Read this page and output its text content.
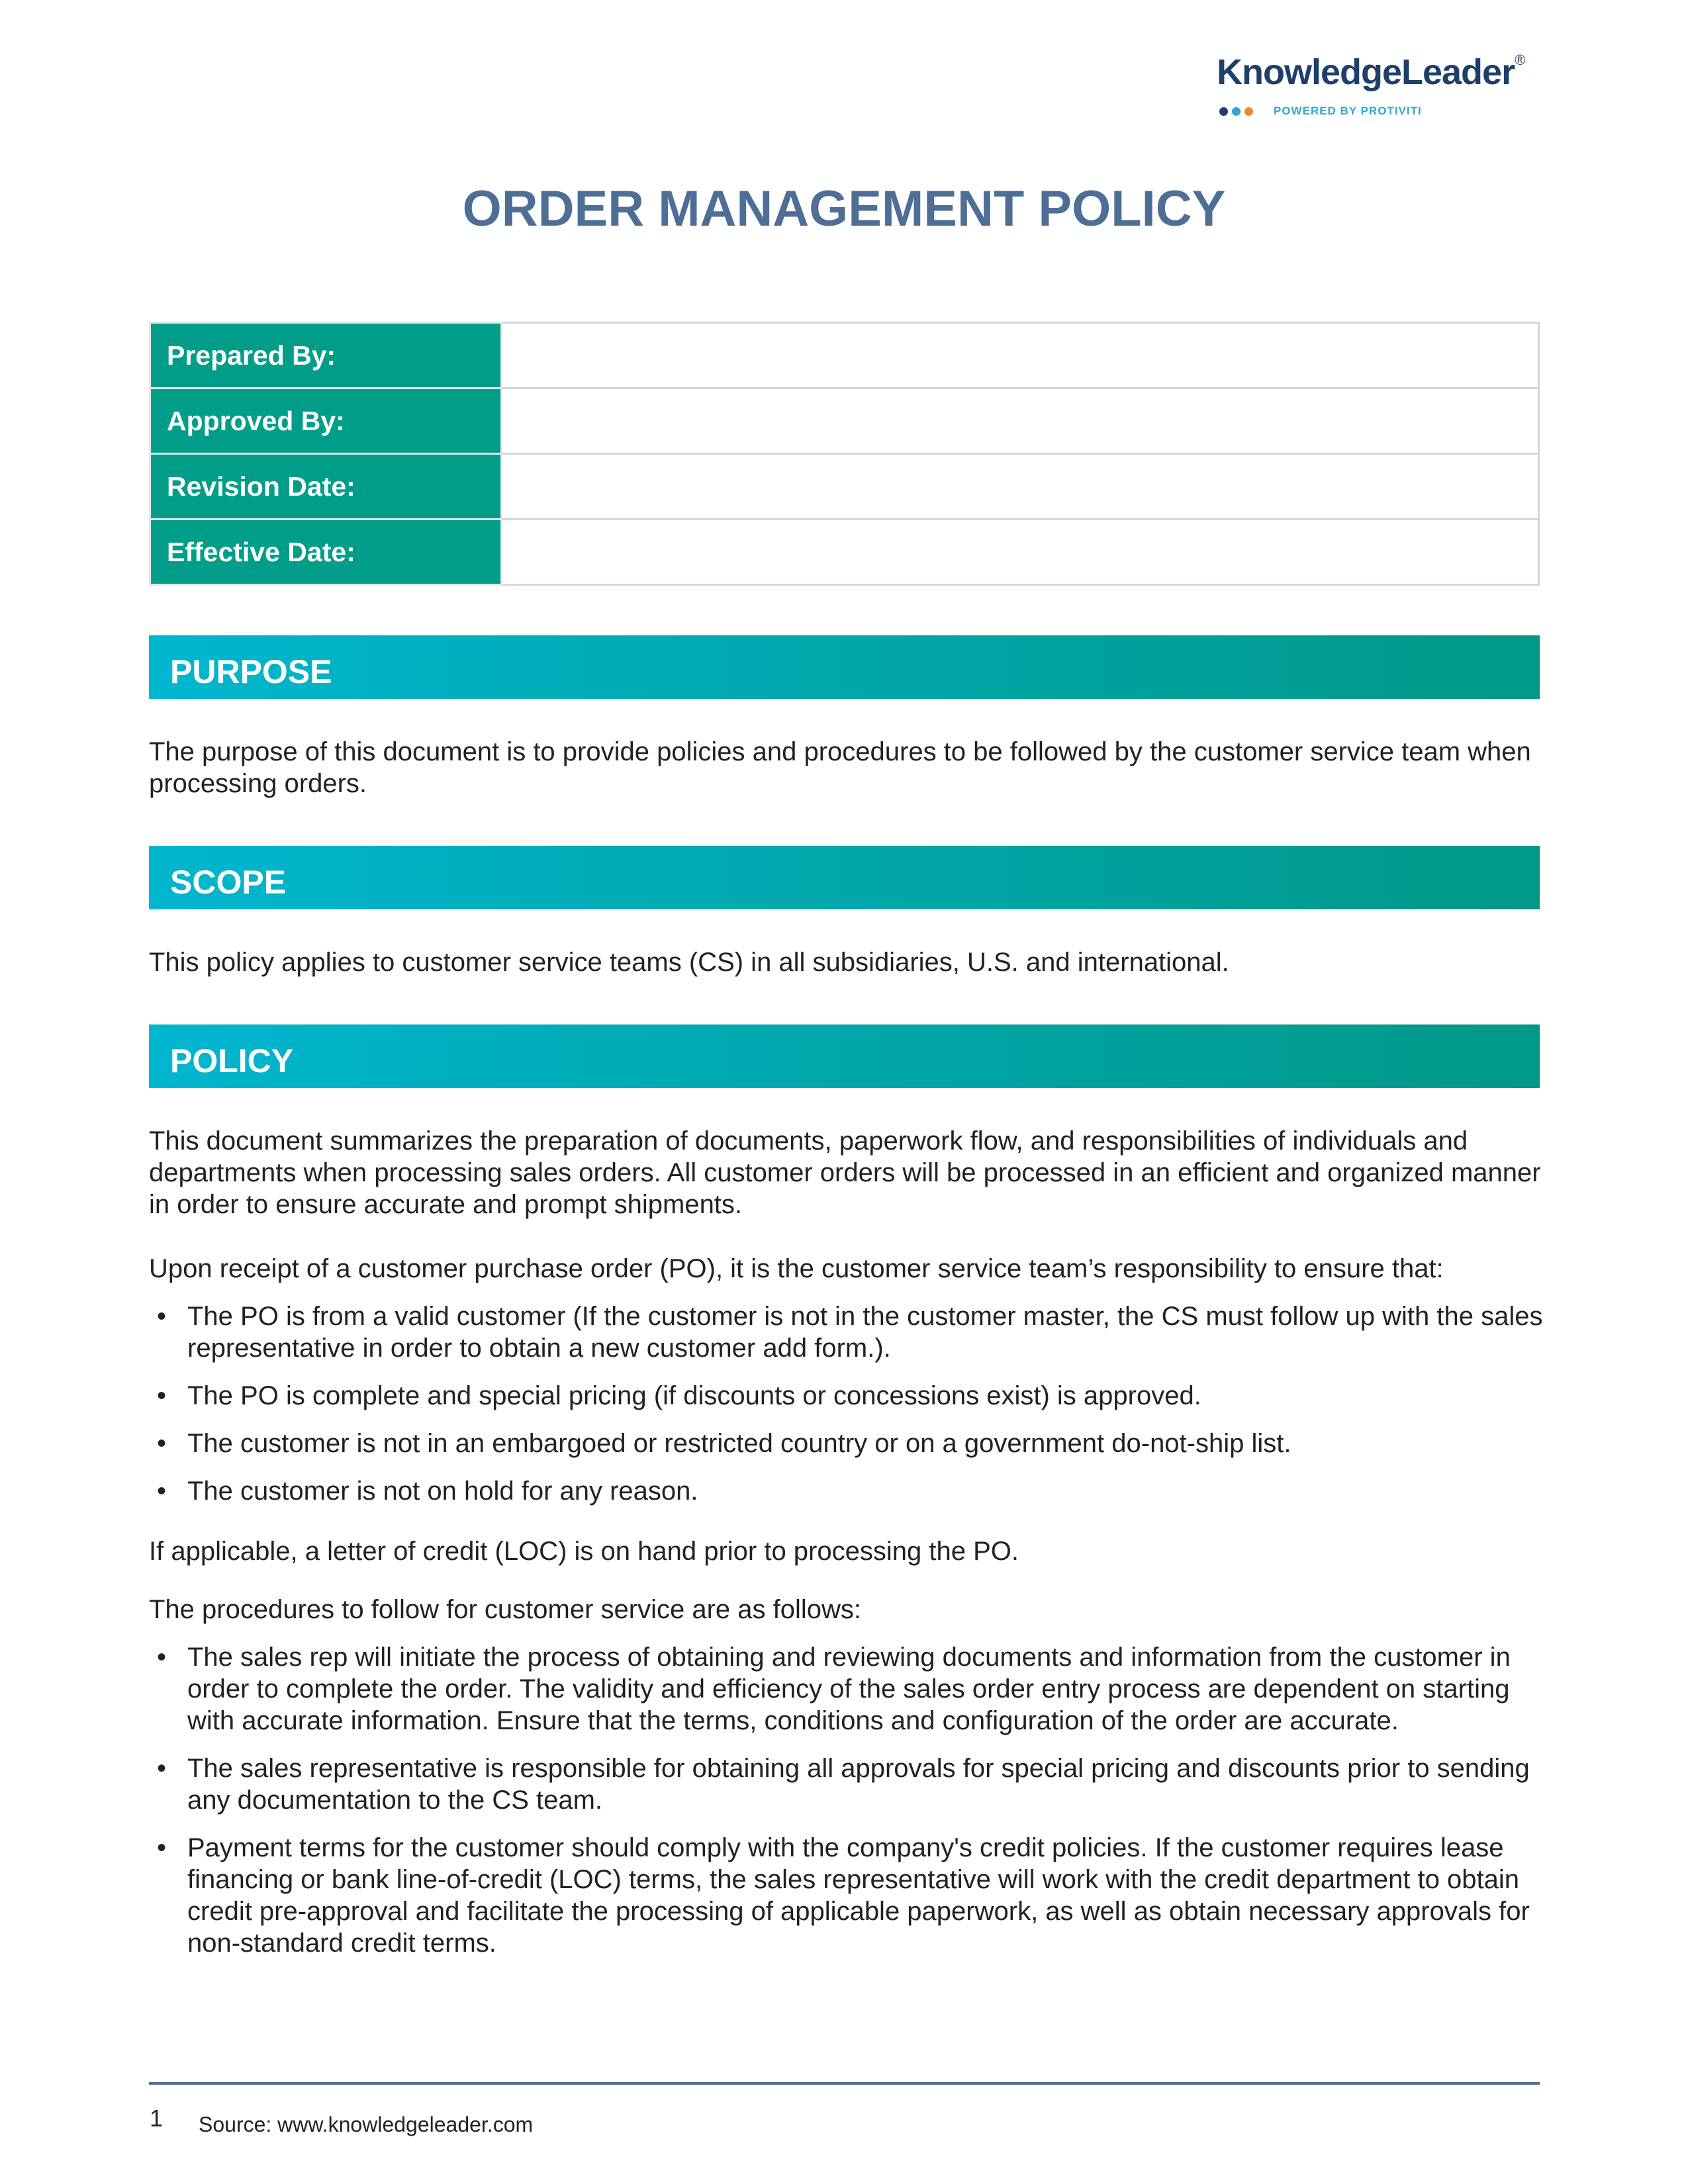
KnowledgeLeader®
POWERED BY PROTIVITI
ORDER MANAGEMENT POLICY
Prepared By:	
Approved By:	
Revision Date:	
Effective Date:	
PURPOSE

The purpose of this document is to provide policies and procedures to be followed by the customer service team when processing orders.

SCOPE

This policy applies to customer service teams (CS) in all subsidiaries, U.S. and international.

POLICY

This document summarizes the preparation of documents, paperwork flow, and responsibilities of individuals and departments when processing sales orders. All customer orders will be processed in an efficient and organized manner in order to ensure accurate and prompt shipments.

Upon receipt of a customer purchase order (PO), it is the customer service team’s responsibility to ensure that:

• The PO is from a valid customer (If the customer is not in the customer master, the CS must follow up with the sales representative in order to obtain a new customer add form.).
• The PO is complete and special pricing (if discounts or concessions exist) is approved.
• The customer is not in an embargoed or restricted country or on a government do-not-ship list.
• The customer is not on hold for any reason.

If applicable, a letter of credit (LOC) is on hand prior to processing the PO.

The procedures to follow for customer service are as follows:

• The sales rep will initiate the process of obtaining and reviewing documents and information from the customer in order to complete the order. The validity and efficiency of the sales order entry process are dependent on starting with accurate information. Ensure that the terms, conditions and configuration of the order are accurate.
• The sales representative is responsible for obtaining all approvals for special pricing and discounts prior to sending any documentation to the CS team.
• Payment terms for the customer should comply with the company's credit policies. If the customer requires lease financing or bank line-of-credit (LOC) terms, the sales representative will work with the credit department to obtain credit pre-approval and facilitate the processing of applicable paperwork, as well as obtain necessary approvals for non-standard credit terms.
1 Source: www.knowledgeleader.com
